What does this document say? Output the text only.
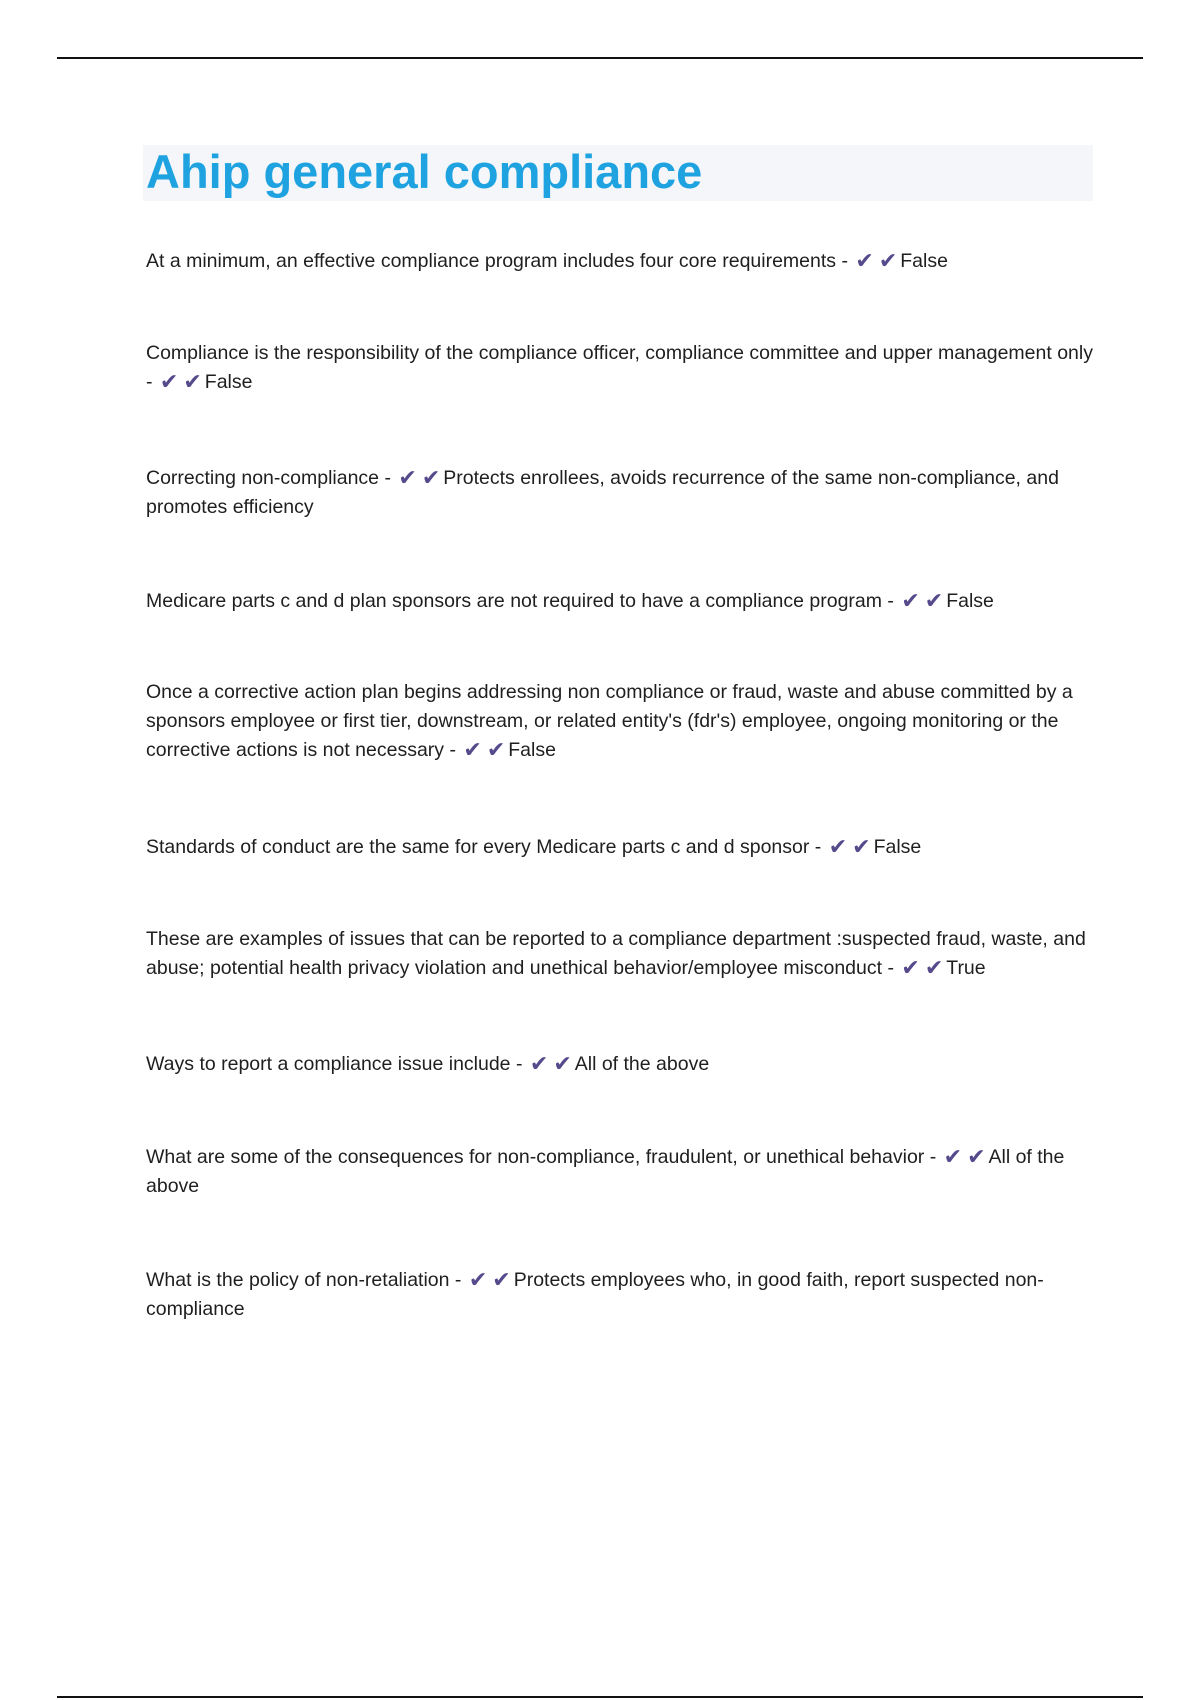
Ahip general compliance

At a minimum, an effective compliance program includes four core requirements - ✔ ✔ False

Compliance is the responsibility of the compliance officer, compliance committee and upper management only - ✔ ✔ False

Correcting non-compliance - ✔ ✔ Protects enrollees, avoids recurrence of the same non-compliance, and promotes efficiency

Medicare parts c and d plan sponsors are not required to have a compliance program - ✔ ✔ False

Once a corrective action plan begins addressing non compliance or fraud, waste and abuse committed by a sponsors employee or first tier, downstream, or related entity's (fdr's) employee, ongoing monitoring or the corrective actions is not necessary - ✔ ✔ False

Standards of conduct are the same for every Medicare parts c and d sponsor - ✔ ✔ False

These are examples of issues that can be reported to a compliance department :suspected fraud, waste, and abuse; potential health privacy violation and unethical behavior/employee misconduct - ✔ ✔ True

Ways to report a compliance issue include - ✔ ✔ All of the above

What are some of the consequences for non-compliance, fraudulent, or unethical behavior - ✔ ✔ All of the above

What is the policy of non-retaliation - ✔ ✔ Protects employees who, in good faith, report suspected non-compliance
